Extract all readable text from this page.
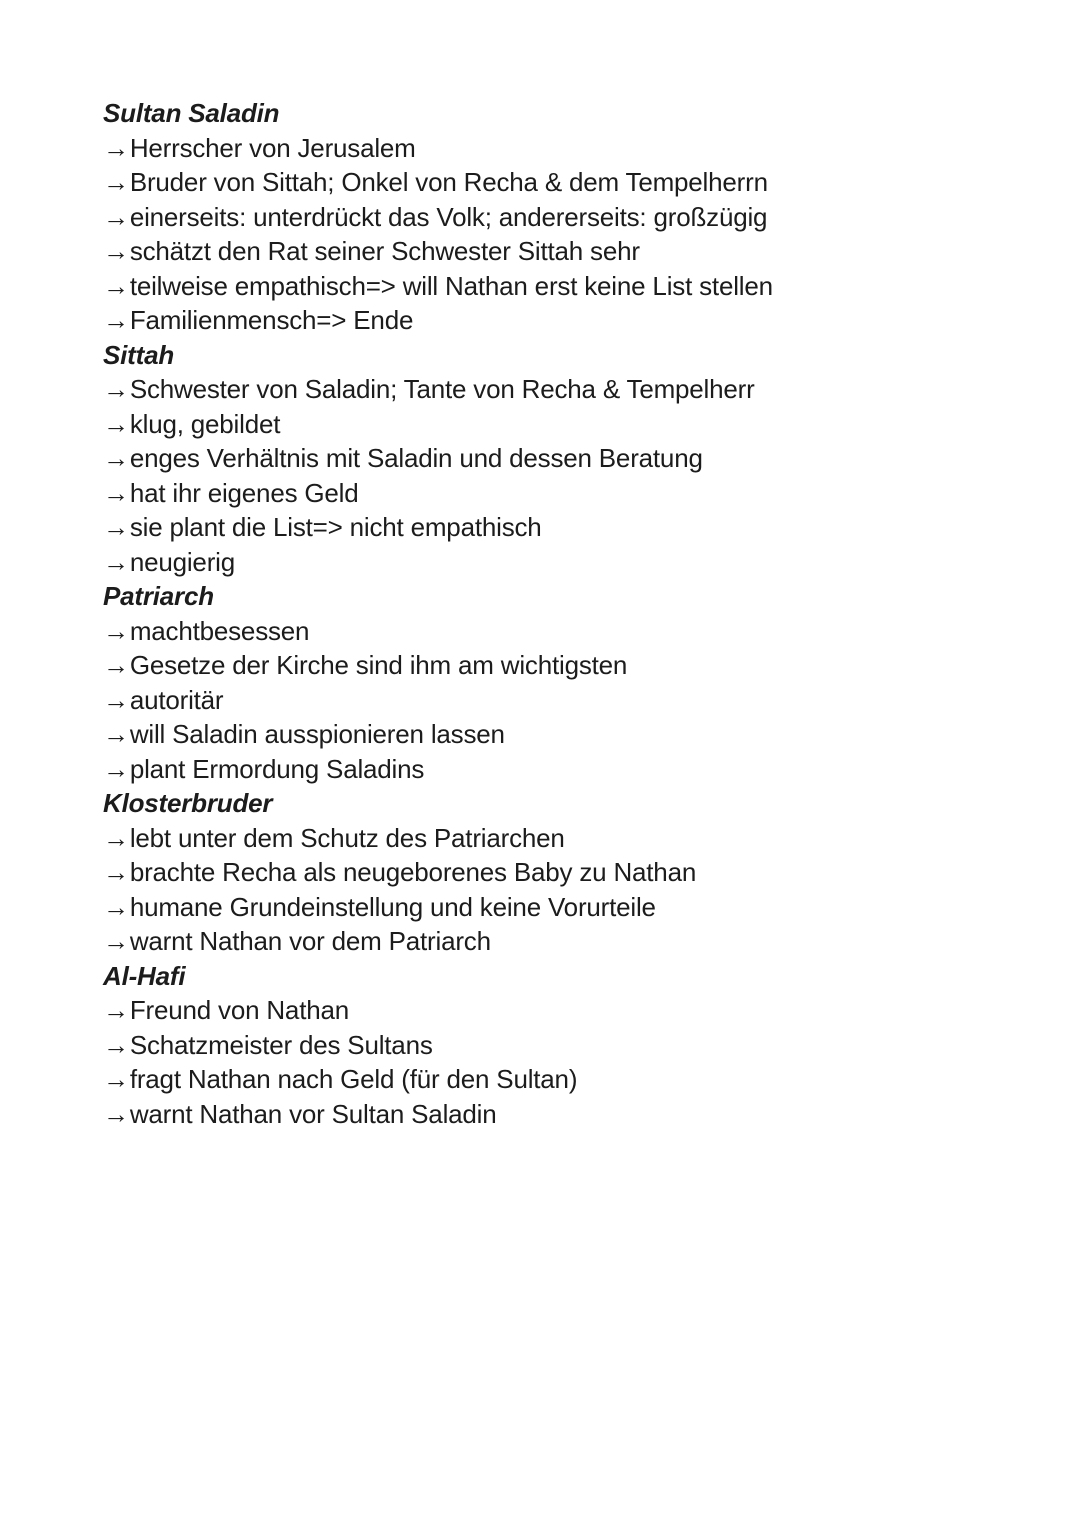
Sultan Saladin
→Herrscher von Jerusalem
→Bruder von Sittah; Onkel von Recha & dem Tempelherrn
→einerseits: unterdrückt das Volk; andererseits: großzügig
→schätzt den Rat seiner Schwester Sittah sehr
→teilweise empathisch=> will Nathan erst keine List stellen
→Familienmensch=> Ende
Sittah
→Schwester von Saladin; Tante von Recha & Tempelherr
→klug, gebildet
→enges Verhältnis mit Saladin und dessen Beratung
→hat ihr eigenes Geld
→sie plant die List=> nicht empathisch
→neugierig
Patriarch
→machtbesessen
→Gesetze der Kirche sind ihm am wichtigsten
→autoritär
→will Saladin ausspionieren lassen
→plant Ermordung Saladins
Klosterbruder
→lebt unter dem Schutz des Patriarchen
→brachte Recha als neugeborenes Baby zu Nathan
→humane Grundeinstellung und keine Vorurteile
→warnt Nathan vor dem Patriarch
Al-Hafi
→Freund von Nathan
→Schatzmeister des Sultans
→fragt Nathan nach Geld (für den Sultan)
→warnt Nathan vor Sultan Saladin
